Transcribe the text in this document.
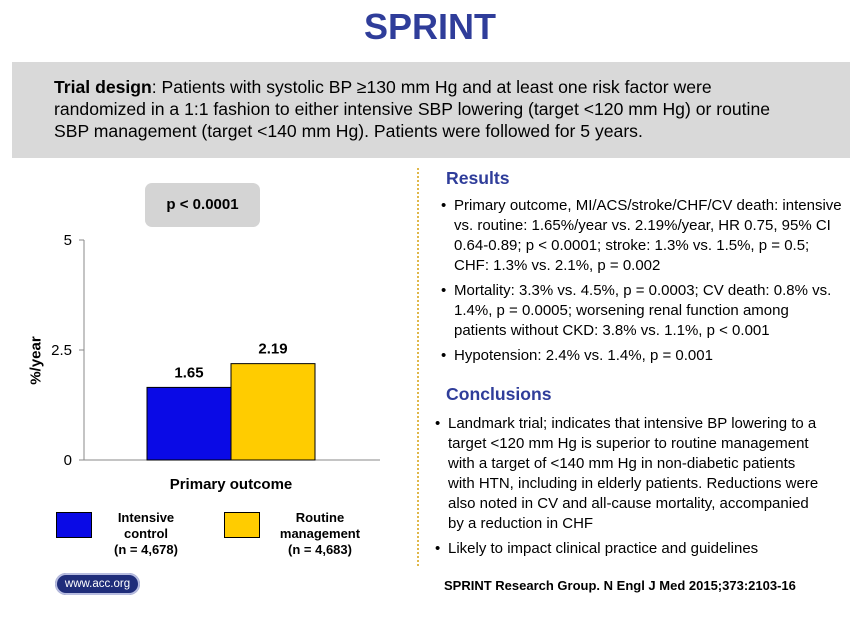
SPRINT
Trial design: Patients with systolic BP ≥130 mm Hg and at least one risk factor were randomized in a 1:1 fashion to either intensive SBP lowering (target <120 mm Hg) or routine SBP management (target <140 mm Hg). Patients were followed for 5 years.
p < 0.0001
%/year
0
2.5
5
1.65
2.19
Primary outcome
Intensive
control
(n = 4,678)
Routine
management
(n = 4,683)
www.acc.org
Results
• Primary outcome, MI/ACS/stroke/CHF/CV death: intensive vs. routine: 1.65%/year vs. 2.19%/year, HR 0.75, 95% CI 0.64-0.89; p < 0.0001; stroke: 1.3% vs. 1.5%, p = 0.5; CHF: 1.3% vs. 2.1%, p = 0.002
• Mortality: 3.3% vs. 4.5%, p = 0.0003; CV death: 0.8% vs. 1.4%, p = 0.0005; worsening renal function among patients without CKD: 3.8% vs. 1.1%, p < 0.001
• Hypotension: 2.4% vs. 1.4%, p = 0.001
Conclusions
• Landmark trial; indicates that intensive BP lowering to a target <120 mm Hg is superior to routine management with a target of <140 mm Hg in non-diabetic patients with HTN, including in elderly patients. Reductions were also noted in CV and all-cause mortality, accompanied by a reduction in CHF
• Likely to impact clinical practice and guidelines
SPRINT Research Group. N Engl J Med 2015;373:2103-16
